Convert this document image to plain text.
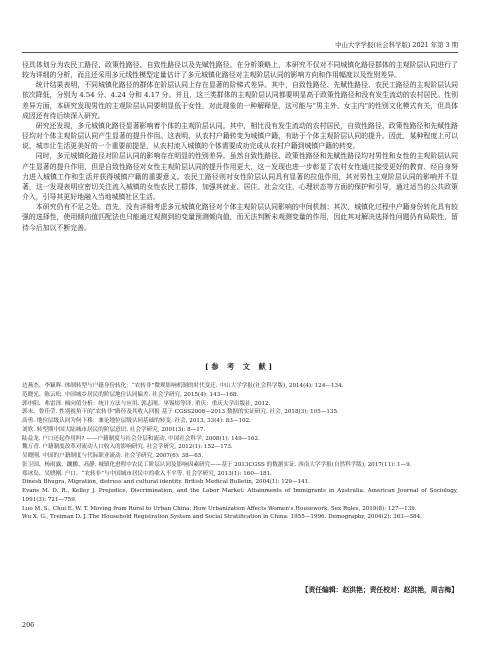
中山大学学报(社会科学版) 2021 年第 3 期

径具体划分为农民工路径、政策性路径、自致性路径以及先赋性路径。在分析策略上，本研究不仅对不同城镇化路径群体的主观阶层认同进行了较为详细的分析，而且还采用多元线性模型定量估计了多元城镇化路径对主观阶层认同的影响方向和作用幅度以及性别差异。

统计结果表明，不同城镇化路径的群体在阶层认同上存在显著的阶梯式差异。其中，自致性路径、先赋性路径、农民工路径的主观阶层认同依次降低，分别为 4.54 分、4.24 分和 4.17 分。并且，这三类群体的主观阶层认同都要明显高于政策性路径和没有发生流动的农村居民。性别差异方面，本研究发现男性的主观阶层认同要明显低于女性，对此现象的一种解释是，这可能与“男主外、女主内”的性别文化模式有关，但具体成因还有待后续深入研究。

研究还发现，多元城镇化路径显著影响着个体的主观阶层认同。其中，相比没有发生流动的农村居民，自致性路径、政策性路径和先赋性路径均对个体主观阶层认同产生显著的提升作用。这表明，从农村户籍转变为城镇户籍，有助于个体主观阶层认同的提升。因此，某种程度上可以说，城市让生活更美好的一个重要前提是，从农村流入城镇的个体需要成功完成从农村户籍到城镇户籍的转变。

同时，多元城镇化路径对阶层认同的影响存在明显的性别差异。虽然自致性路径、政策性路径和先赋性路径均对男性和女性的主观阶层认同产生显著的提升作用，但是自致性路径对女性主观阶层认同的提升作用更大，这一发现也进一步彰显了农村女性通过接受更好的教育、经自身努力进入城镇工作和生活并获得城镇户籍的重要意义。农民工路径则对女性阶层认同具有显著的拉低作用，其对男性主观阶层认同的影响并不显著，这一发现表明应密切关注流入城镇的女性农民工群体，加强其就业、居住、社会交往、心理状态等方面的保护和引导，通过适当的公共政策介入，引导其更好地融入当地城镇社区生活。

本研究仍有不足之处。首先，没有详细考虑多元城镇化路径对个体主观阶层认同影响的中间机制；其次，城镇化过程中户籍身份转化具有较强的选择性，使用倾向值匹配法也只能通过观测到的变量预测倾向值，而无法判断未观测变量的作用，因此其对解决选择性问题仍有局限性，留待今后加以不断完善。

[参 考 文 献]
边燕杰、李颖晖. 体制转型与户籍身份转化：“农转非”微观影响机制的时代变迁. 中山大学学报(社会科学版), 2014(4): 124—134.
范晓光、陈云松. 中国城乡居民的阶层地位认同偏差. 社会学研究, 2015(4): 143—168.
郭申阳、弗雷泽. 倾向值分析：统计方法与应用. 郭志刚、巫锡炜等译. 重庆：重庆大学出版社, 2012.
郭未、鲁佳莹. 性别视角下的“农转非”路径及其收入回报 基于 CGSS2008—2013 数据的实证研究. 社会, 2018(3): 105—135.
高勇. 地位层级认同为何下移：兼论地位层级认同基础的转变. 社会, 2013, 33(4): 83—102.
刘欣. 转型期中国大陆城市居民的阶层意识. 社会学研究, 2001(3): 8—17.
陆益龙. 户口还起作用吗? ——户籍制度与社会分层和流动. 中国社会科学, 2008(1): 149—162.
魏万青. 户籍制度改革对流动人口收入的影响研究. 社会学研究, 2012(1): 152—173.
吴晓刚. 中国的户籍制度与代际职业流动. 社会学研究, 2007(6): 38—65.
张卫国、杨雨露、蹦鹏、高静. 城镇化进程中农民工阶层认同及影响因素研究——基于 2013CGSS 的数据实证. 西南大学学报(自然科学版), 2017(11): 1—9.
郑冰岛、吴晓刚. 户口、“农转非”与中国城市居民中的收入不平等. 社会学研究, 2013(1): 160—181.
Dinesh Bhugra, Migration, distress and cultural identity. British Medical Bulletin, 2004(1): 129—141.
Evans M. D. R., Kelley J. Prejudice, Discrimination, and the Labor Market: Attainments of Immigrants in Australia. American Journal of Sociology, 1991(3): 721—759.
Luo M. S., Chui E. W. T. Moving from Rural to Urban China: How Urbanization Affects Women's Housework, Sex Roles, 2019(8): 127—139.
Wu X. G., Treiman D. J. The Household Registration System and Social Stratification in China: 1955—1996. Demography, 2004(2): 363—384.
【责任编辑：赵洪艳；责任校对：赵洪艳，周吉梅】
206
